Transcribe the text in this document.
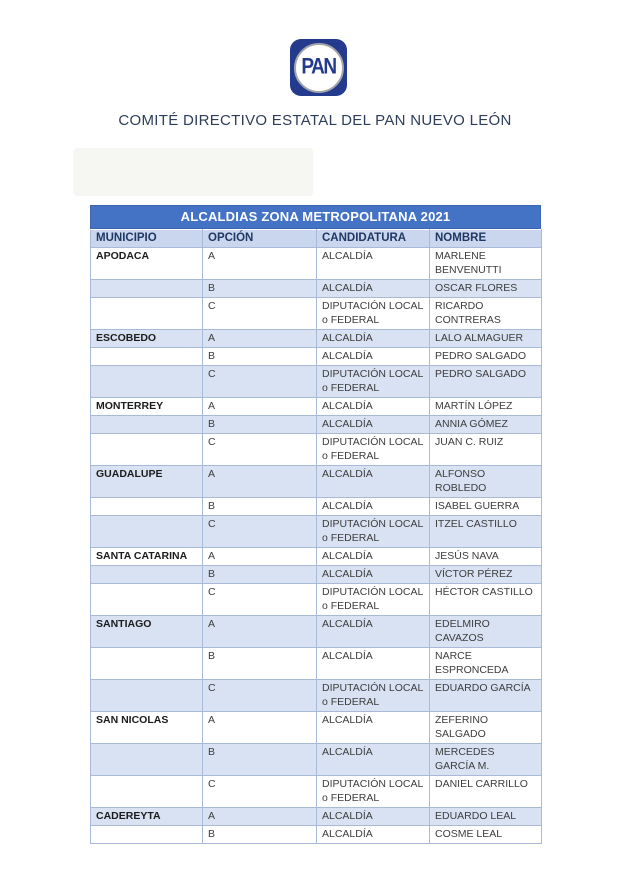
PAN
COMITÉ DIRECTIVO ESTATAL DEL PAN NUEVO LEÓN
ALCALDIAS ZONA METROPOLITANA 2021
MUNICIPIO	OPCIÓN	CANDIDATURA	NOMBRE
APODACA	A	ALCALDÍA	MARLENE BENVENUTTI
	B	ALCALDÍA	OSCAR FLORES
	C	DIPUTACIÓN LOCAL o FEDERAL	RICARDO CONTRERAS
ESCOBEDO	A	ALCALDÍA	LALO ALMAGUER
	B	ALCALDÍA	PEDRO SALGADO
	C	DIPUTACIÓN LOCAL o FEDERAL	PEDRO SALGADO
MONTERREY	A	ALCALDÍA	MARTÍN LÓPEZ
	B	ALCALDÍA	ANNIA GÓMEZ
	C	DIPUTACIÓN LOCAL o FEDERAL	JUAN C. RUIZ
GUADALUPE	A	ALCALDÍA	ALFONSO ROBLEDO
	B	ALCALDÍA	ISABEL GUERRA
	C	DIPUTACIÓN LOCAL o FEDERAL	ITZEL CASTILLO
SANTA CATARINA	A	ALCALDÍA	JESÚS NAVA
	B	ALCALDÍA	VÍCTOR PÉREZ
	C	DIPUTACIÓN LOCAL o FEDERAL	HÉCTOR CASTILLO
SANTIAGO	A	ALCALDÍA	EDELMIRO CAVAZOS
	B	ALCALDÍA	NARCE ESPRONCEDA
	C	DIPUTACIÓN LOCAL o FEDERAL	EDUARDO GARCÍA
SAN NICOLAS	A	ALCALDÍA	ZEFERINO SALGADO
	B	ALCALDÍA	MERCEDES GARCÍA M.
	C	DIPUTACIÓN LOCAL o FEDERAL	DANIEL CARRILLO
CADEREYTA	A	ALCALDÍA	EDUARDO LEAL
	B	ALCALDÍA	COSME LEAL
